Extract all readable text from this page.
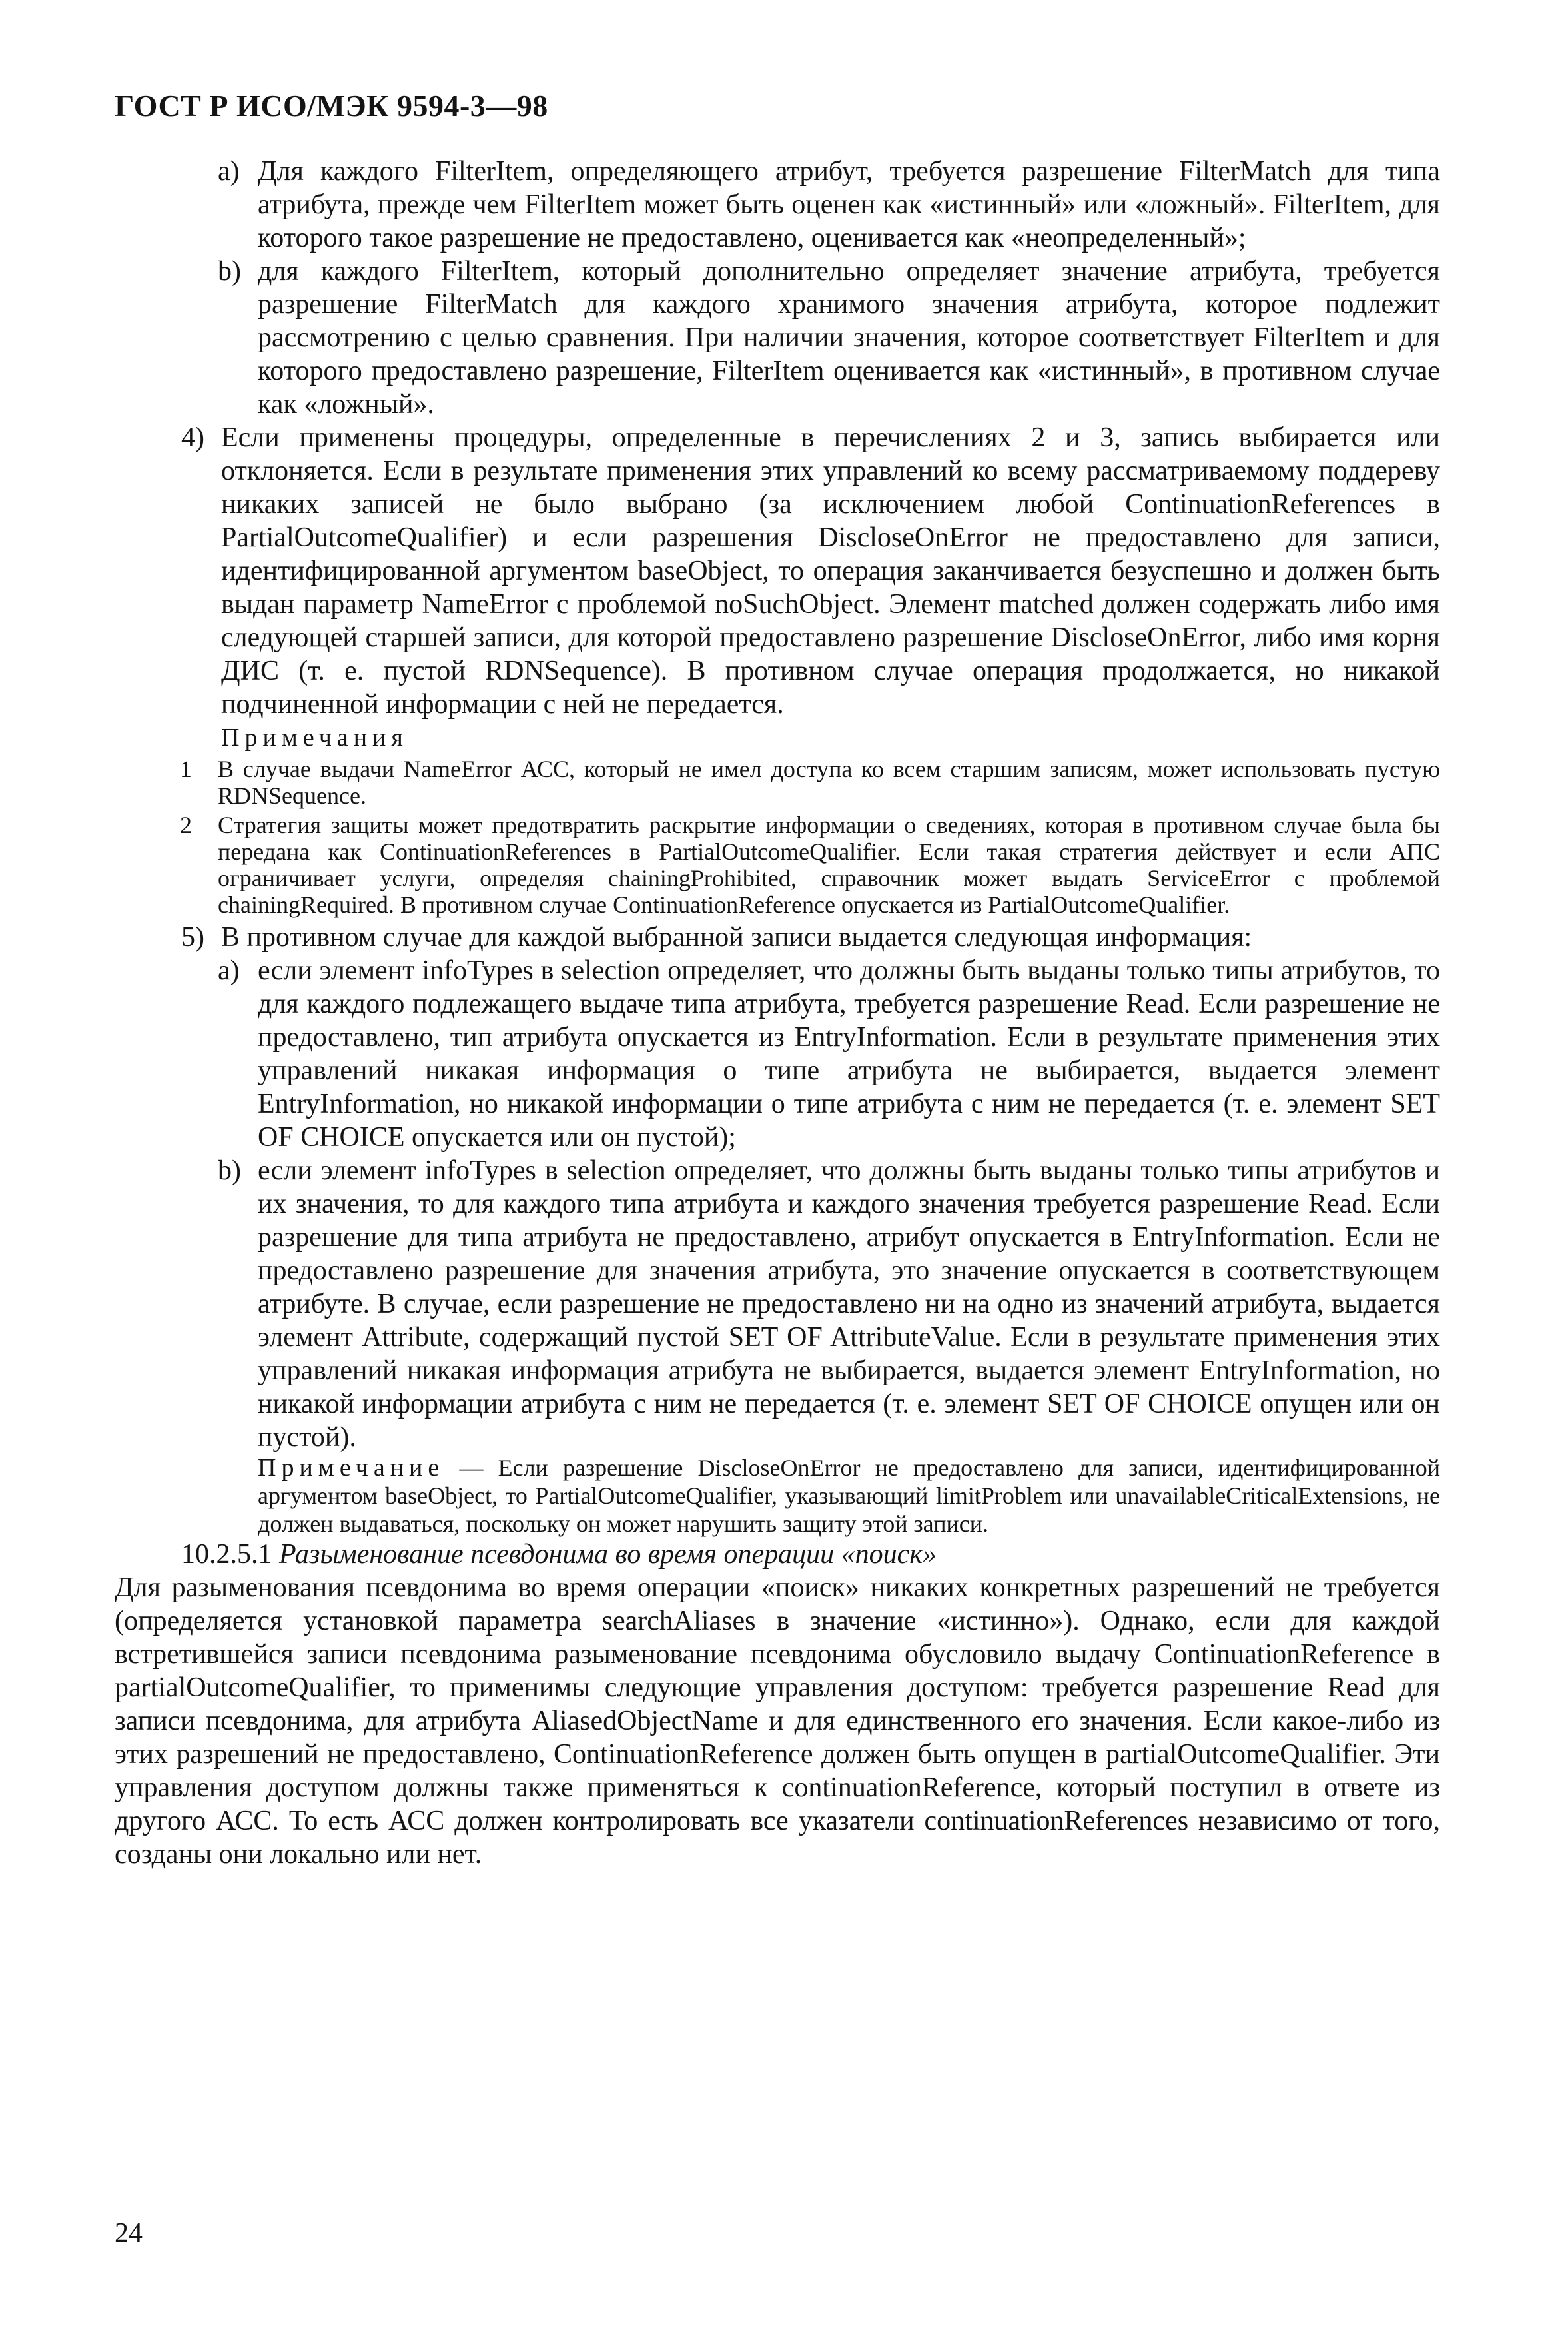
ГОСТ Р ИСО/МЭК 9594-3—98
a) Для каждого FilterItem, определяющего атрибут, требуется разрешение FilterMatch для типа атрибута, прежде чем FilterItem может быть оценен как «истинный» или «ложный». FilterItem, для которого такое разрешение не предоставлено, оценивается как «неопределенный»;
b) для каждого FilterItem, который дополнительно определяет значение атрибута, требуется разрешение FilterMatch для каждого хранимого значения атрибута, которое подлежит рассмотрению с целью сравнения. При наличии значения, которое соответствует FilterItem и для которого предоставлено разрешение, FilterItem оценивается как «истинный», в противном случае как «ложный».
4) Если применены процедуры, определенные в перечислениях 2 и 3, запись выбирается или отклоняется. Если в результате применения этих управлений ко всему рассматриваемому поддереву никаких записей не было выбрано (за исключением любой ContinuationReferences в PartialOutcomeQualifier) и если разрешения DiscloseOnError не предоставлено для записи, идентифицированной аргументом baseObject, то операция заканчивается безуспешно и должен быть выдан параметр NameError с проблемой noSuchObject. Элемент matched должен содержать либо имя следующей старшей записи, для которой предоставлено разрешение DiscloseOnError, либо имя корня ДИС (т. е. пустой RDNSequence). В противном случае операция продолжается, но никакой подчиненной информации с ней не передается.
Примечания
1	В случае выдачи NameError АСС, который не имел доступа ко всем старшим записям, может использовать пустую RDNSequence.
2	Стратегия защиты может предотвратить раскрытие информации о сведениях, которая в противном случае была бы передана как ContinuationReferences в PartialOutcomeQualifier. Если такая стратегия действует и если АПС ограничивает услуги, определяя chainingProhibited, справочник может выдать ServiceError с проблемой chainingRequired. В противном случае ContinuationReference опускается из PartialOutcomeQualifier.
5) В противном случае для каждой выбранной записи выдается следующая информация:
a) если элемент infoTypes в selection определяет, что должны быть выданы только типы атрибутов, то для каждого подлежащего выдаче типа атрибута, требуется разрешение Read. Если разрешение не предоставлено, тип атрибута опускается из EntryInformation. Если в результате применения этих управлений никакая информация о типе атрибута не выбирается, выдается элемент EntryInformation, но никакой информации о типе атрибута с ним не передается (т. е. элемент SET OF CHOICE опускается или он пустой);
b) если элемент infoTypes в selection определяет, что должны быть выданы только типы атрибутов и их значения, то для каждого типа атрибута и каждого значения требуется разрешение Read. Если разрешение для типа атрибута не предоставлено, атрибут опускается в EntryInformation. Если не предоставлено разрешение для значения атрибута, это значение опускается в соответствующем атрибуте. В случае, если разрешение не предоставлено ни на одно из значений атрибута, выдается элемент Attribute, содержащий пустой SET OF AttributeValue. Если в результате применения этих управлений никакая информация атрибута не выбирается, выдается элемент EntryInformation, но никакой информации атрибута с ним не передается (т. е. элемент SET OF CHOICE опущен или он пустой).
Примечание — Если разрешение DiscloseOnError не предоставлено для записи, идентифицированной аргументом baseObject, то PartialOutcomeQualifier, указывающий limitProblem или unavailableCriticalExtensions, не должен выдаваться, поскольку он может нарушить защиту этой записи.
10.2.5.1 Разыменование псевдонима во время операции «поиск»

Для разыменования псевдонима во время операции «поиск» никаких конкретных разрешений не требуется (определяется установкой параметра searchAliases в значение «истинно»). Однако, если для каждой встретившейся записи псевдонима разыменование псевдонима обусловило выдачу ContinuationReference в partialOutcomeQualifier, то применимы следующие управления доступом: требуется разрешение Read для записи псевдонима, для атрибута AliasedObjectName и для единственного его значения. Если какое-либо из этих разрешений не предоставлено, ContinuationReference должен быть опущен в partialOutcomeQualifier. Эти управления доступом должны также применяться к continuationReference, который поступил в ответе из другого АСС. То есть АСС должен контролировать все указатели continuationReferences независимо от того, созданы они локально или нет.

24
